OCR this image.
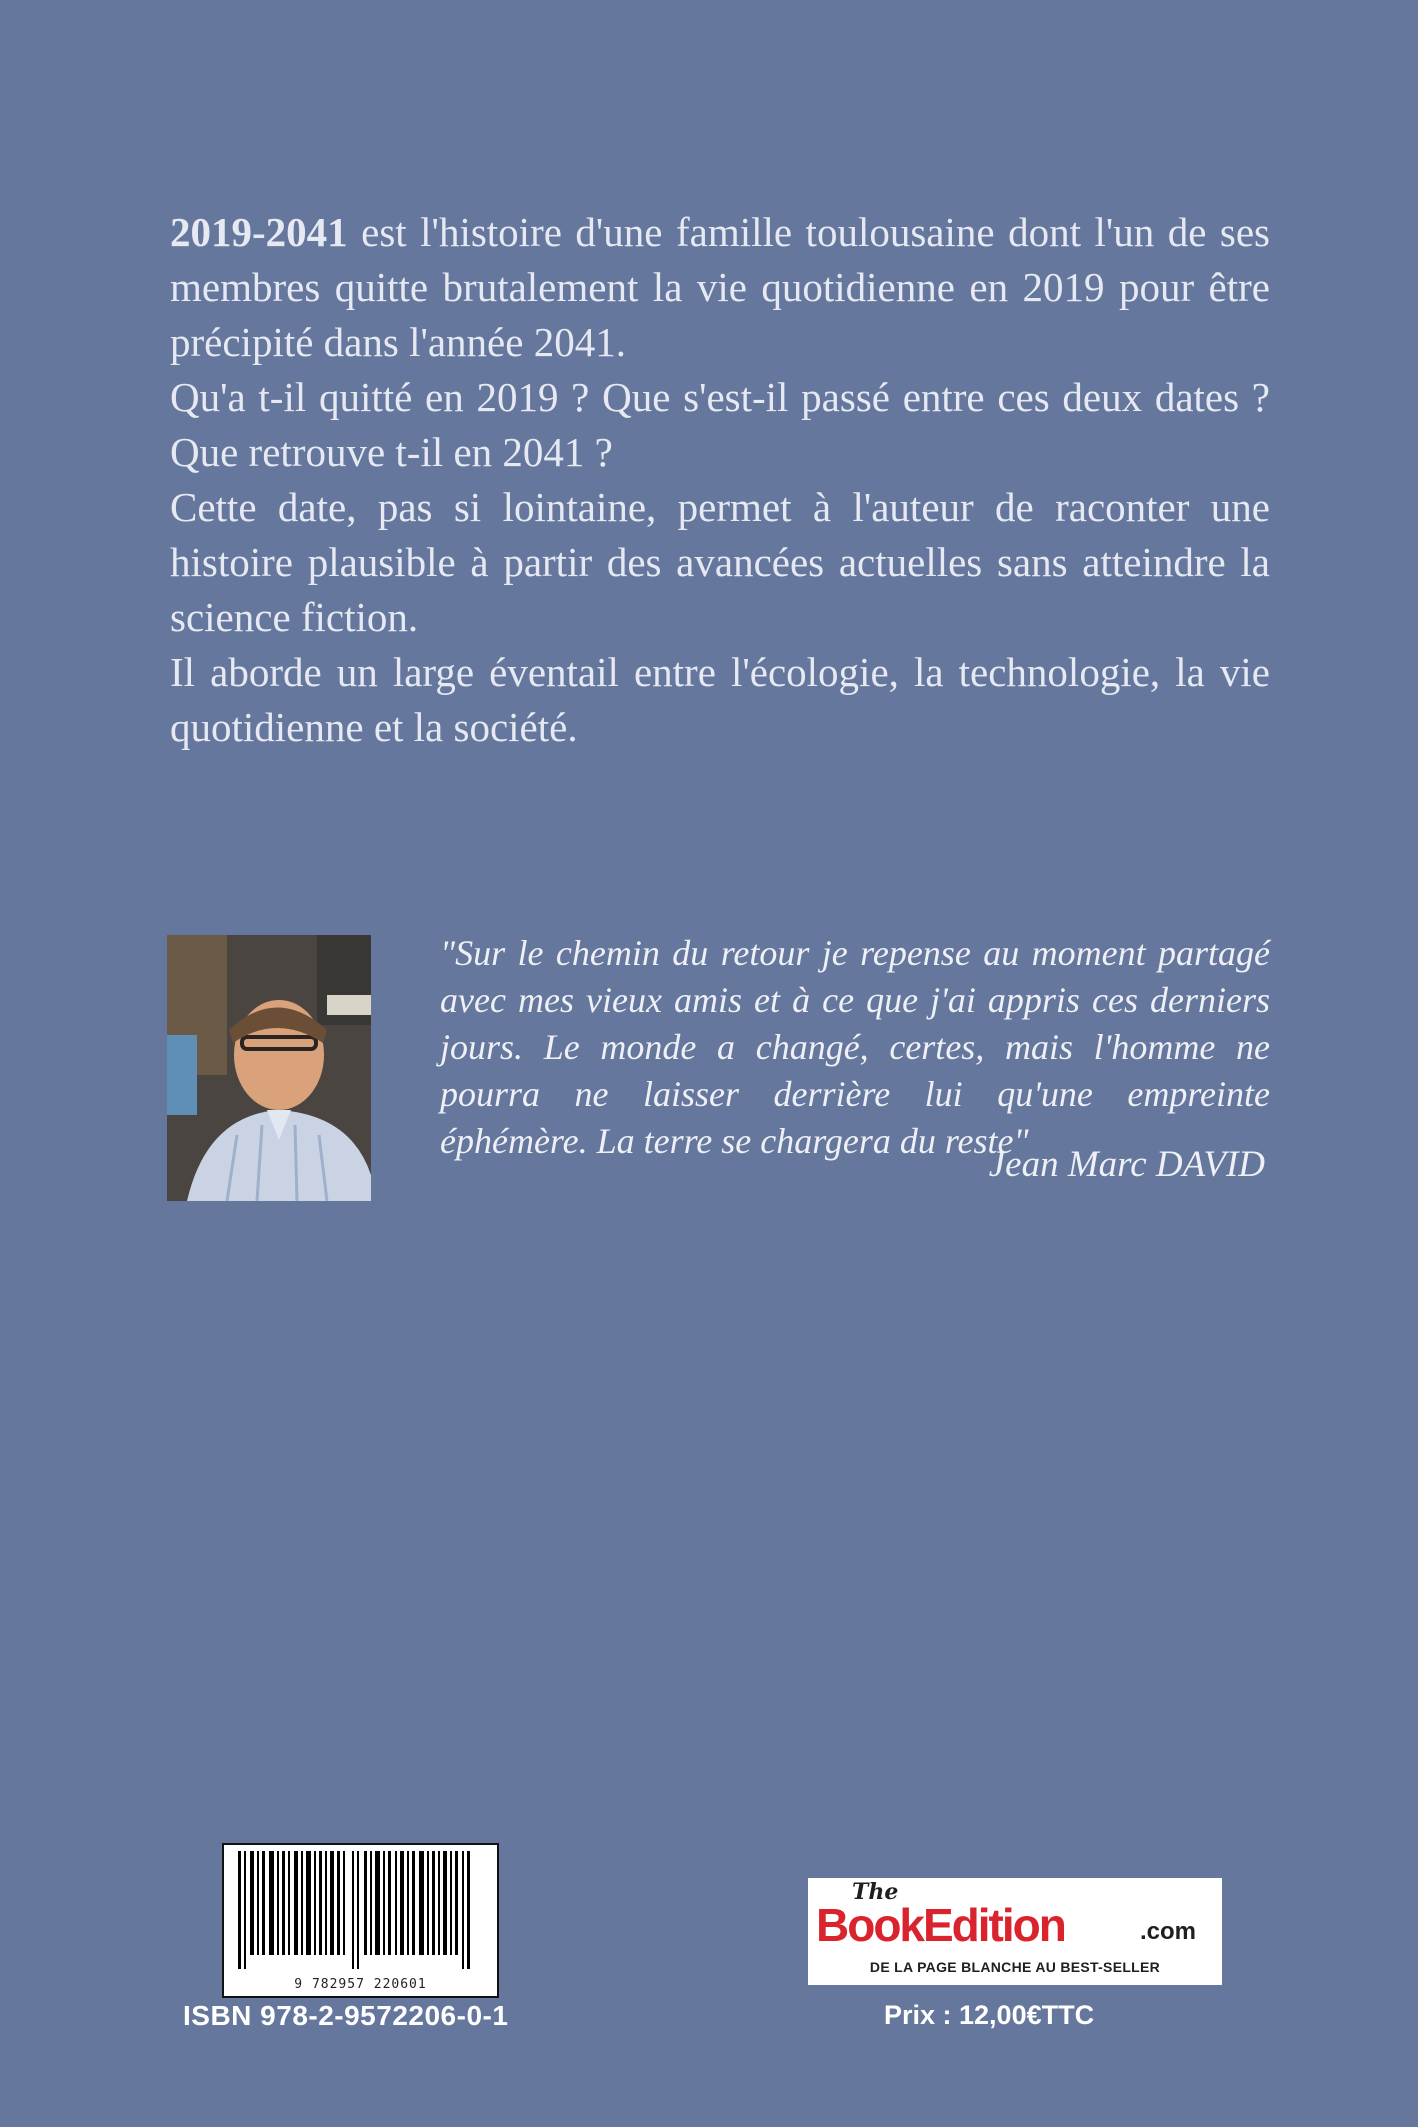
2019-2041 est l'histoire d'une famille toulousaine dont l'un de ses membres quitte brutalement la vie quotidienne en 2019 pour être précipité dans l'année 2041.

Qu'a t-il quitté en 2019 ? Que s'est-il passé entre ces deux dates ? Que retrouve t-il en 2041 ?

Cette date, pas si lointaine, permet à l'auteur de raconter une histoire plausible à partir des avancées actuelles sans atteindre la science fiction.

Il aborde un large éventail entre l'écologie, la technologie, la vie quotidienne et la société.

"Sur le chemin du retour je repense au moment partagé avec mes vieux amis et à ce que j'ai appris ces derniers jours. Le monde a changé, certes, mais l'homme ne pourra ne laisser derrière lui qu'une empreinte éphémère. La terre se chargera du reste"

Jean Marc DAVID
9 782957 220601
ISBN 978-2-9572206-0-1
The
BookEdition	.com
DE LA PAGE BLANCHE AU BEST-SELLER
Prix : 12,00€TTC
